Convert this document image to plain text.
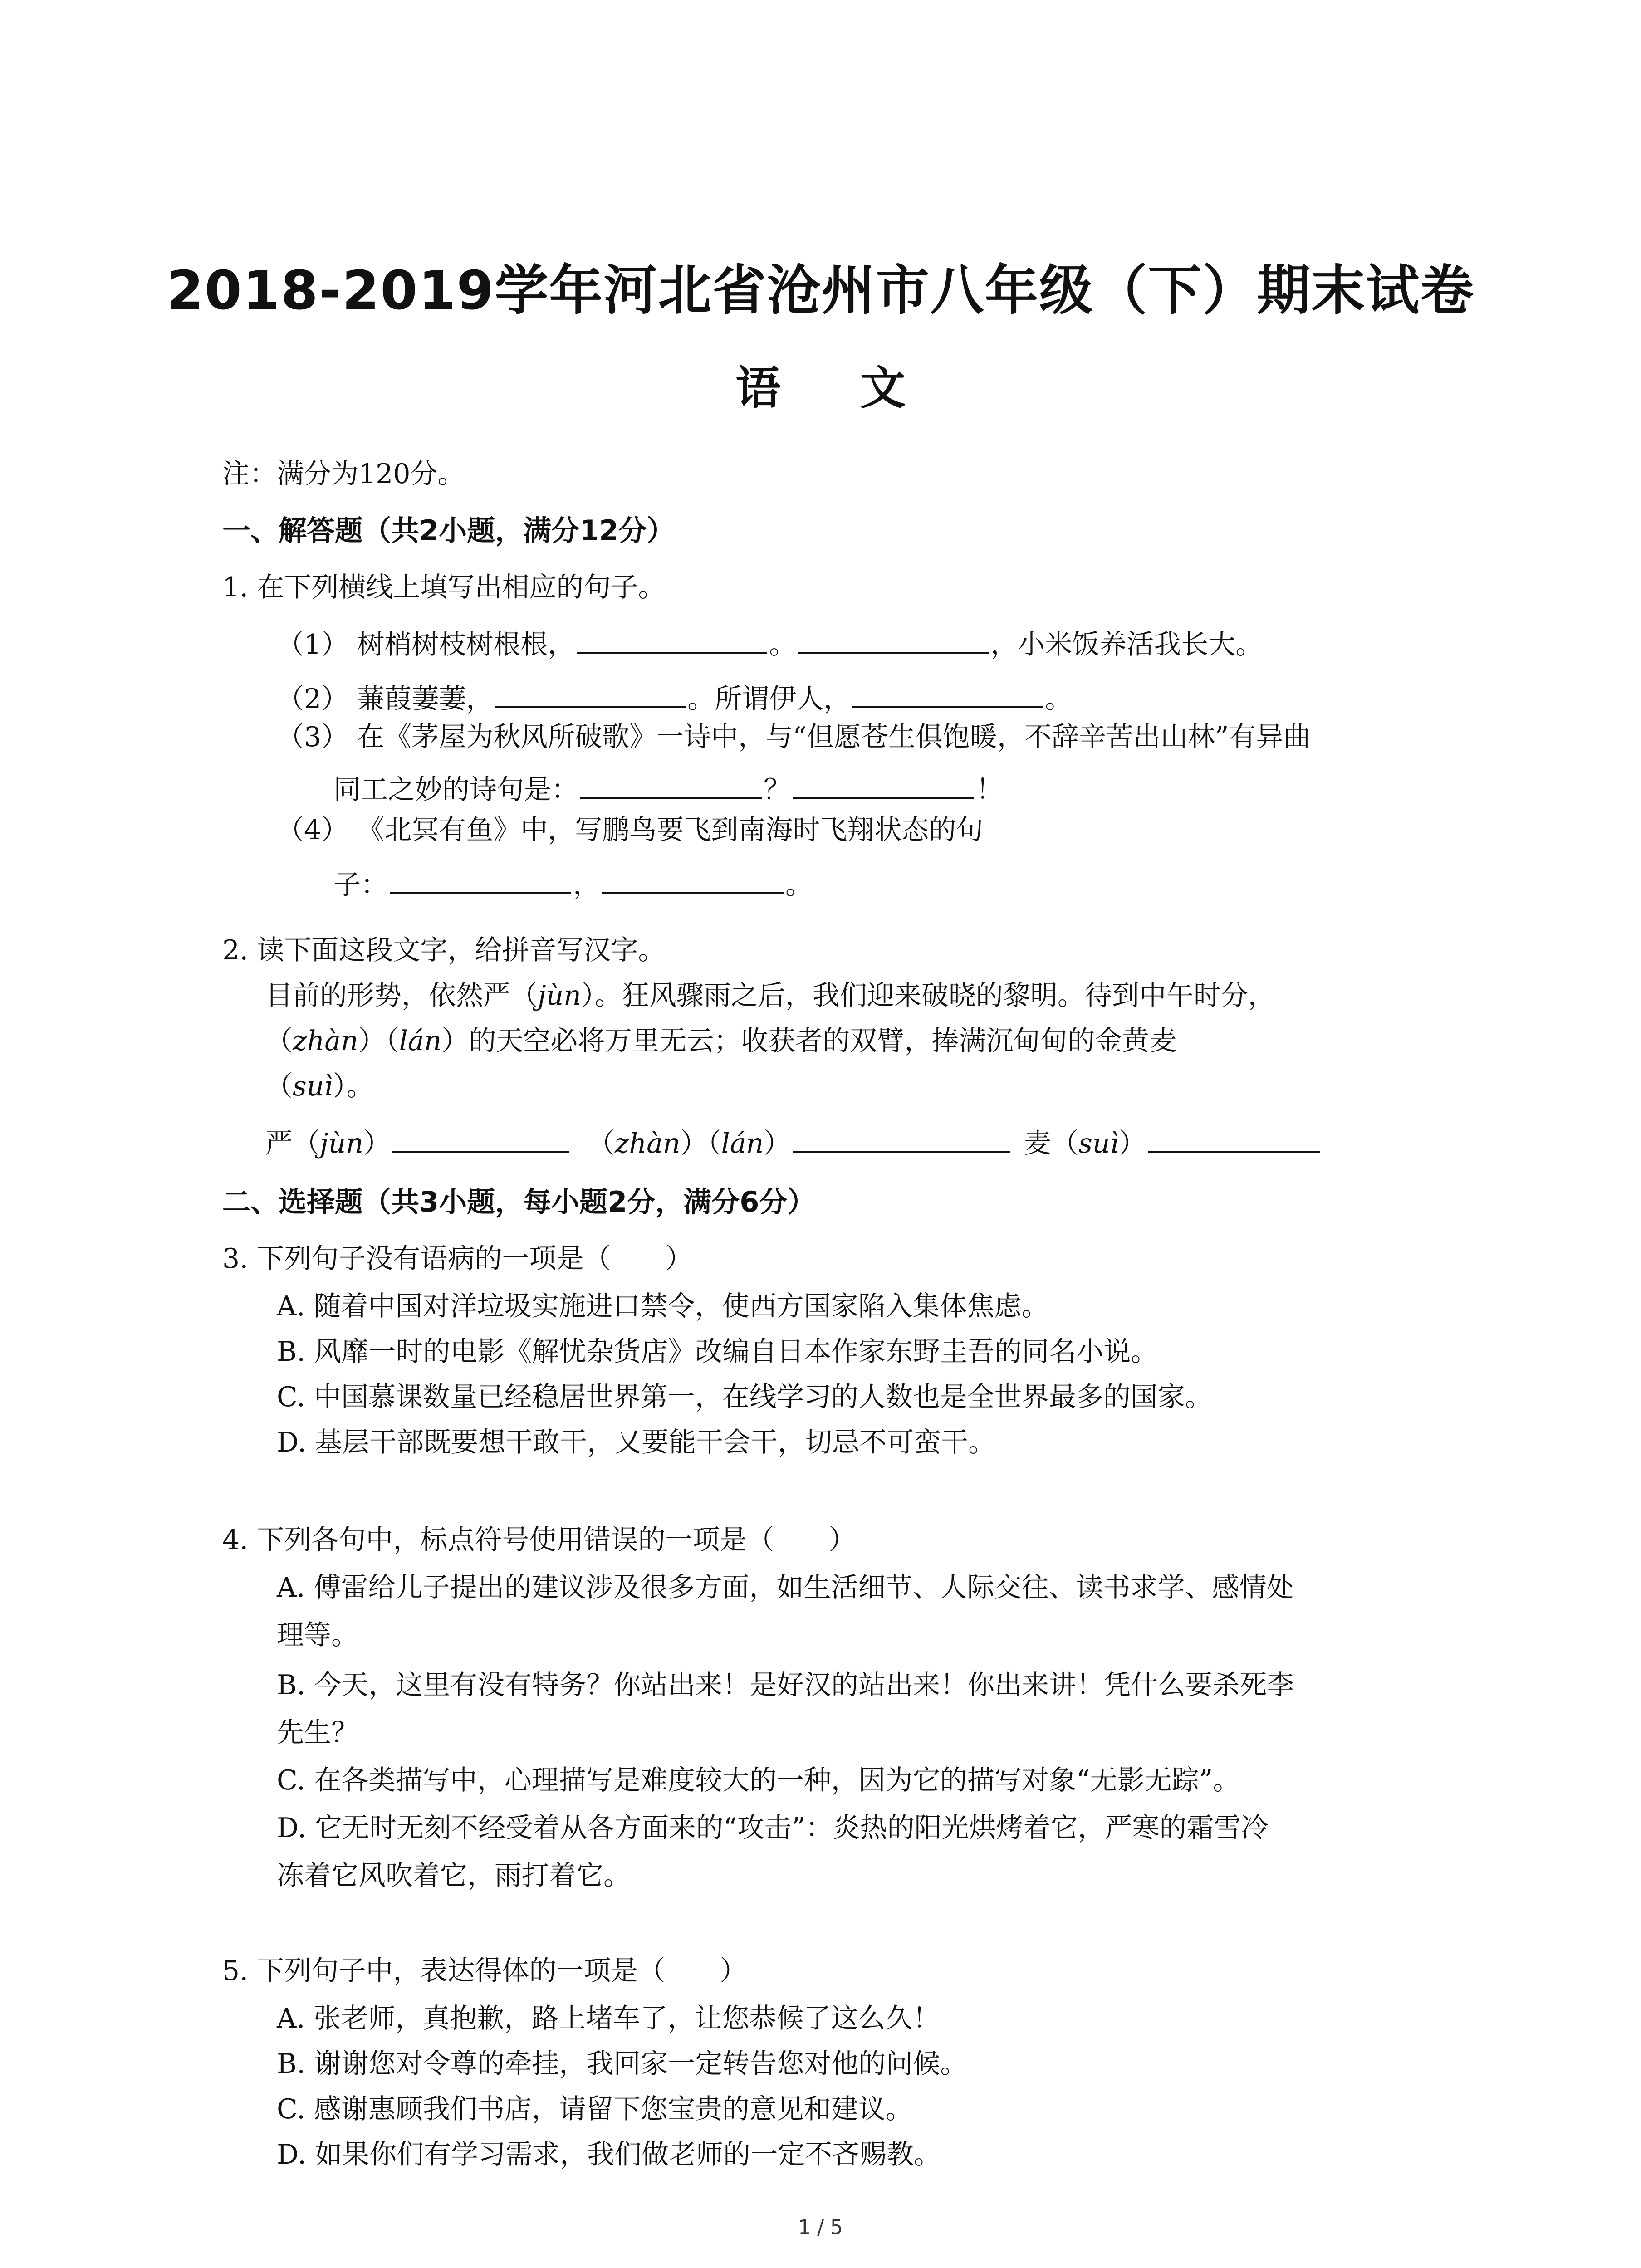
2018-2019学年河北省沧州市八年级（下）期末试卷
语 文
注：满分为120分。
一、解答题（共2小题，满分12分）
1. 在下列横线上填写出相应的句子。
（1） 树梢树枝树根根，	。	，小米饭养活我长大。
（2） 蒹葭萋萋，	。所谓伊人，	。
（3） 在《茅屋为秋风所破歌》一诗中，与“但愿苍生俱饱暖，不辞辛苦出山林”有异曲
同工之妙的诗句是：	？	！
（4） 《北冥有鱼》中，写鹏鸟要飞到南海时飞翔状态的句
子：	，	。
2. 读下面这段文字，给拼音写汉字。
目前的形势，依然严（jùn）。狂风骤雨之后，我们迎来破晓的黎明。待到中午时分，
（zhàn）（lán）的天空必将万里无云；收获者的双臂，捧满沉甸甸的金黄麦
（suì）。
严（jùn）	（zhàn）（lán）	麦（suì）
二、选择题（共3小题，每小题2分，满分6分）
3. 下列句子没有语病的一项是（　　）
A. 随着中国对洋垃圾实施进口禁令，使西方国家陷入集体焦虑。
B. 风靡一时的电影《解忧杂货店》改编自日本作家东野圭吾的同名小说。
C. 中国慕课数量已经稳居世界第一，在线学习的人数也是全世界最多的国家。
D. 基层干部既要想干敢干，又要能干会干，切忌不可蛮干。
4. 下列各句中，标点符号使用错误的一项是（　　）
A. 傅雷给儿子提出的建议涉及很多方面，如生活细节、人际交往、读书求学、感情处
理等。
B. 今天，这里有没有特务？你站出来！是好汉的站出来！你出来讲！凭什么要杀死李
先生？
C. 在各类描写中，心理描写是难度较大的一种，因为它的描写对象“无影无踪”。
D. 它无时无刻不经受着从各方面来的“攻击”：炎热的阳光烘烤着它，严寒的霜雪冷
冻着它风吹着它，雨打着它。
5. 下列句子中，表达得体的一项是（　　）
A. 张老师，真抱歉，路上堵车了，让您恭候了这么久！
B. 谢谢您对令尊的牵挂，我回家一定转告您对他的问候。
C. 感谢惠顾我们书店，请留下您宝贵的意见和建议。
D. 如果你们有学习需求，我们做老师的一定不吝赐教。
1 / 5
